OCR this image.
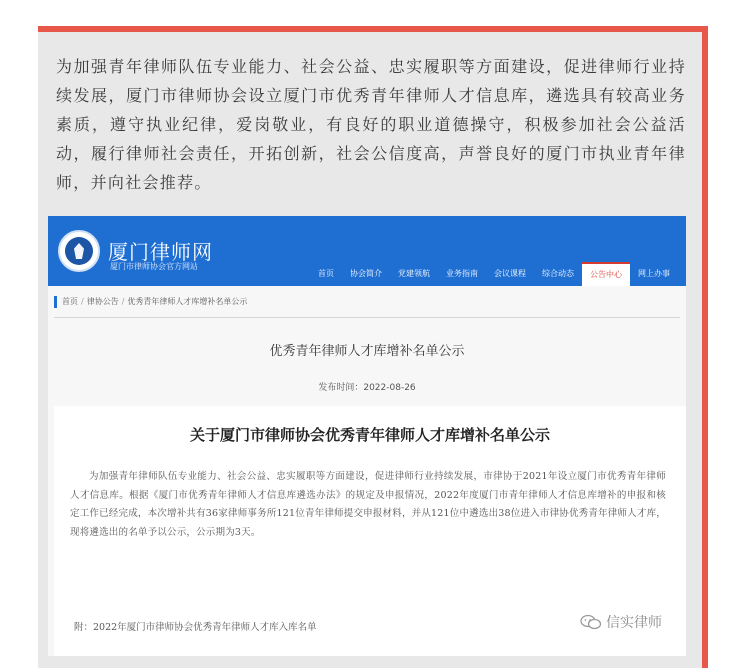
为加强青年律师队伍专业能力、社会公益、忠实履职等方面建设，促进律师行业持续发展，厦门市律师协会设立厦门市优秀青年律师人才信息库，遴选具有较高业务素质，遵守执业纪律，爱岗敬业，有良好的职业道德操守，积极参加社会公益活动，履行律师社会责任，开拓创新，社会公信度高，声誉良好的厦门市执业青年律师，并向社会推荐。

厦门律师网
厦门市律师协会官方网站
首页	协会简介	党建领航	业务指南	会议课程	综合动态	公告中心	网上办事
首页 / 律协公告 / 优秀青年律师人才库增补名单公示
优秀青年律师人才库增补名单公示
发布时间：2022-08-26
关于厦门市律师协会优秀青年律师人才库增补名单公示

为加强青年律师队伍专业能力、社会公益、忠实履职等方面建设，促进律师行业持续发展，市律协于2021年设立厦门市优秀青年律师人才信息库。根据《厦门市优秀青年律师人才信息库遴选办法》的规定及申报情况，2022年度厦门市青年律师人才信息库增补的申报和核定工作已经完成，本次增补共有36家律师事务所121位青年律师提交申报材料，并从121位中遴选出38位进入市律协优秀青年律师人才库，现将遴选出的名单予以公示，公示期为3天。

附：2022年厦门市律师协会优秀青年律师人才库入库名单	信实律师
